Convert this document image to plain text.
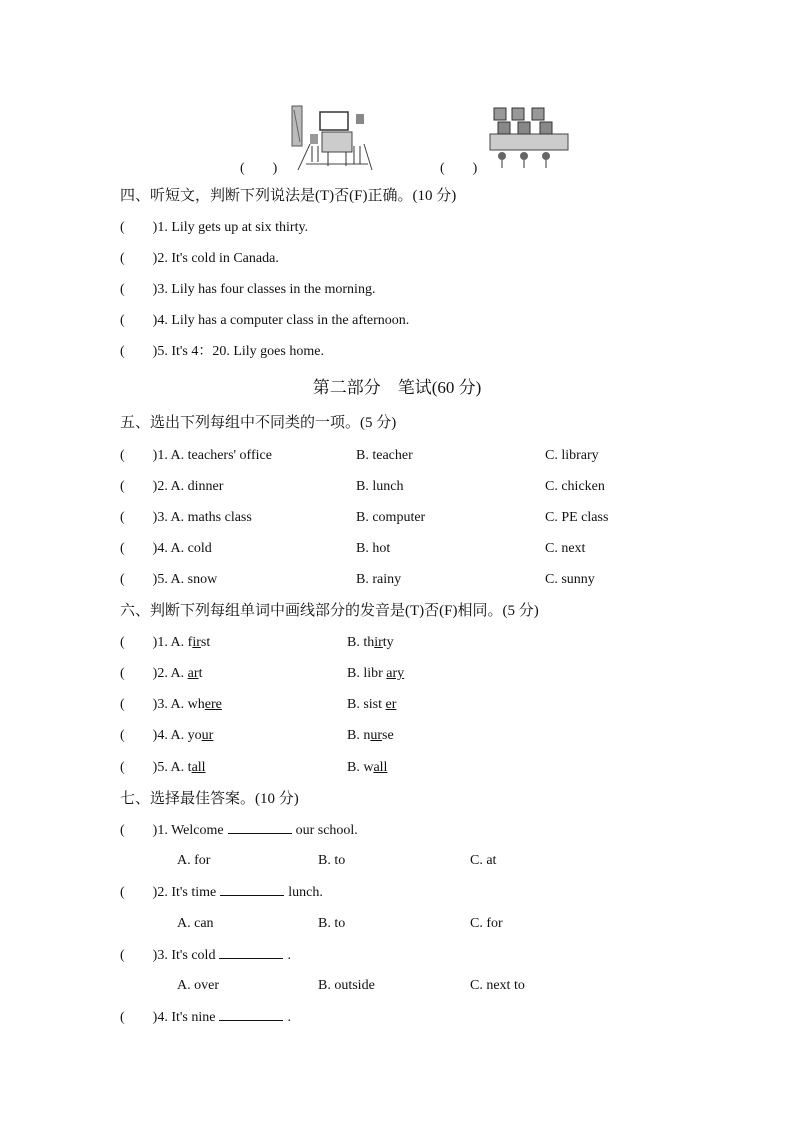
(　　)	(　　)
四、听短文，判断下列说法是(T)否(F)正确。(10 分)
(　　)1. Lily gets up at six thirty.
(　　)2. It's cold in Canada.
(　　)3. Lily has four classes in the morning.
(　　)4. Lily has a computer class in the afternoon.
(　　)5. It's 4：20. Lily goes home.
第二部分　笔试(60 分)
五、选出下列每组中不同类的一项。(5 分)
(　　)1. A. teachers' office	B. teacher	C. library
(　　)2. A. dinner	B. lunch	C. chicken
(　　)3. A. maths class	B. computer	C. PE class
(　　)4. A. cold	B. hot	C. next
(　　)5. A. snow	B. rainy	C. sunny
六、判断下列每组单词中画线部分的发音是(T)否(F)相同。(5 分)
(　　)1. A. first	B. thirty
(　　)2. A. art	B. libr ary
(　　)3. A. where	B. sist er
(　　)4. A. your	B. nurse
(　　)5. A. tall	B. wall
七、选择最佳答案。(10 分)
(　　)1. Welcome	our school.
A. for	B. to	C. at
(　　)2. It's time	lunch.
A. can	B. to	C. for
(　　)3. It's cold	.
A. over	B. outside	C. next to
(　　)4. It's nine	.
